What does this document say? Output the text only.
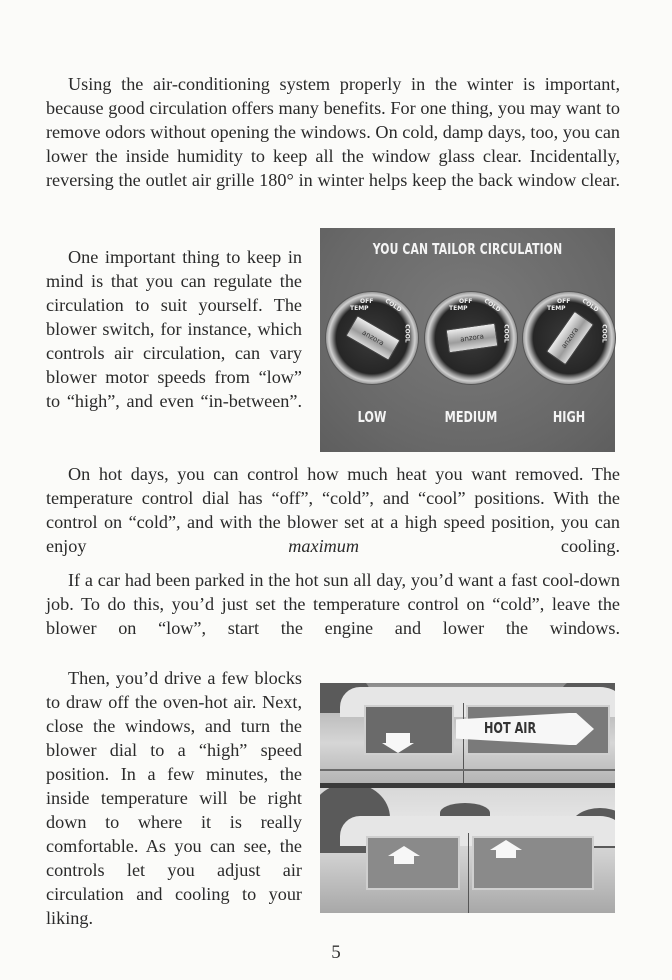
Using the air-conditioning system properly in the winter is important, because good circulation offers many benefits. For one thing, you may want to remove odors without opening the windows. On cold, damp days, too, you can lower the inside humidity to keep all the window glass clear. Incidentally, reversing the outlet air grille 180° in winter helps keep the back window clear.

One important thing to keep in mind is that you can regulate the circulation to suit yourself. The blower switch, for instance, which controls air circulation, can vary blower motor speeds from “low” to “high”, and even “in-between”.

YOU CAN TAILOR CIRCULATION
OFF
TEMP	COLD
COOL
anzora
LOW
OFF
TEMP	COLD
COOL
anzora
MEDIUM
OFF
TEMP	COLD
COOL
anzora
HIGH

On hot days, you can control how much heat you want removed. The temperature control dial has “off”, “cold”, and “cool” positions. With the control on “cold”, and with the blower set at a high speed position, you can enjoy maximum cooling.

If a car had been parked in the hot sun all day, you’d want a fast cool-down job. To do this, you’d just set the temperature control on “cold”, leave the blower on “low”, start the engine and lower the windows.

Then, you’d drive a few blocks to draw off the oven-hot air. Next, close the windows, and turn the blower dial to a “high” speed position. In a few minutes, the inside temperature will be right down to where it is really comfortable. As you can see, the controls let you adjust air circulation and cooling to your liking.

HOT AIR
5
